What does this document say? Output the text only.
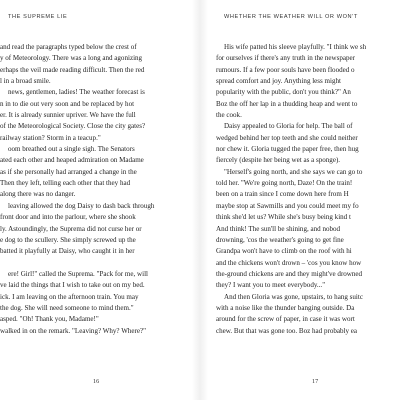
THE SUPREME LIE
and read the paragraphs typed below the crest of
y of Meteorology. There was a long and agonizing
erhaps the veil made reading difficult. Then the red
l in a broad smile.
news, gentlemen, ladies! The weather forecast is
n in to die out very soon and be replaced by hot
er. It is already sunnier upriver. We have the full
of the Meteorological Society. Close the city gates?
railway station? Storm in a teacup."
oom breathed out a single sigh. The Senators
ated each other and heaped admiration on Madame
as if she personally had arranged a change in the
Then they left, telling each other that they had
along there was no danger.
leaving allowed the dog Daisy to dash back through
front door and into the parlour, where she shook
ly. Astoundingly, the Suprema did not curse her or
e dog to the scullery. She simply screwed up the
batted it playfully at Daisy, who caught it in her
ere! Girl!" called the Suprema. "Pack for me, will
ve laid the things that I wish to take out on my bed.
ick. I am leaving on the afternoon train. You may
the dog. She will need someone to mind them."
asped. "Oh! Thank you, Madame!"
walked in on the remark. "Leaving? Why? Where?"
16
WHETHER THE WEATHER WILL OR WON'T
His wife patted his sleeve playfully. "I think we sh
for ourselves if there's any truth in the newspaper
rumours. If a few poor souls have been flooded o
spread comfort and joy. Anything less might
popularity with the public, don't you think?" An
Boz the off her lap in a thudding heap and went to
the cook.
Daisy appealed to Gloria for help. The ball of
wedged behind her top teeth and she could neither
nor chew it. Gloria tugged the paper free, then hug
fiercely (despite her being wet as a sponge).
"Herself's going north, and she says we can go to
told her. "We're going north, Daze! On the train!
been on a train since I come down here from H
maybe stop at Sawmills and you could meet my fo
think she'd let us? While she's busy being kind t
And think! The sun'll be shining, and nobod
drowning, 'cos the weather's going to get fine
Grandpa won't have to climb on the roof with hi
and the chickens won't drown – 'cos you know how
the-ground chickens are and they might've drowned
they? I want you to meet everybody..."
And then Gloria was gone, upstairs, to hang suitc
with a noise like the thunder banging outside. Da
around for the screw of paper, in case it was wort
chew. But that was gone too. Boz had probably ea
17
